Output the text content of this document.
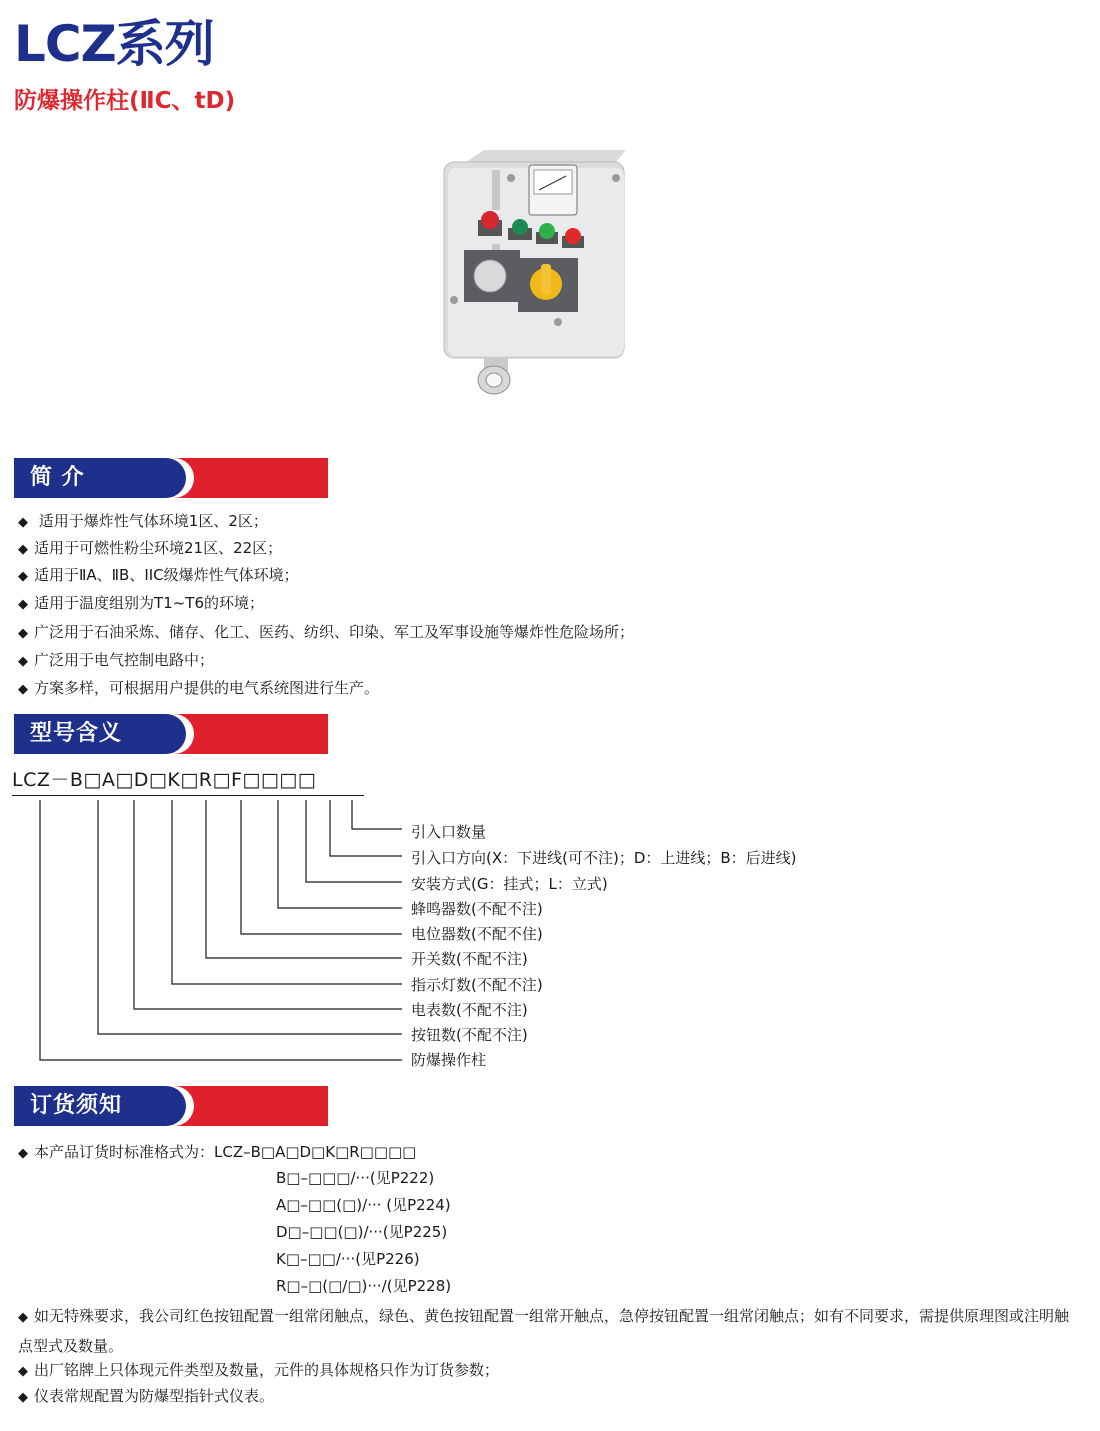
LCZ系列
防爆操作柱(ⅡC、tD)
简 介
◆ 适用于爆炸性气体环境1区、2区；
◆ 适用于可燃性粉尘环境21区、22区；
◆ 适用于ⅡA、ⅡB、IIC级爆炸性气体环境；
◆ 适用于温度组别为T1~T6的环境；
◆ 广泛用于石油采炼、储存、化工、医药、纺织、印染、军工及军事设施等爆炸性危险场所；
◆ 广泛用于电气控制电路中；
◆ 方案多样，可根据用户提供的电气系统图进行生产。
型号含义
LCZ－B□A□D□K□R□F□□□□
引入口数量
引入口方向(X：下进线(可不注)；D：上进线；B：后进线)
安装方式(G：挂式；L：立式)
蜂鸣器数(不配不注)
电位器数(不配不住)
开关数(不配不注)
指示灯数(不配不注)
电表数(不配不注)
按钮数(不配不注)
防爆操作柱
订货须知
◆ 本产品订货时标准格式为：LCZ–B□A□D□K□R□□□□
B□–□□□/···(见P222)
A□–□□(□)/··· (见P224)
D□–□□(□)/···(见P225)
K□–□□/···(见P226)
R□–□(□/□)···/(见P228)
◆ 如无特殊要求，我公司红色按钮配置一组常闭触点，绿色、黄色按钮配置一组常开触点，急停按钮配置一组常闭触点；如有不同要求，需提供原理图或注明触点型式及数量。
◆ 出厂铭牌上只体现元件类型及数量，元件的具体规格只作为订货参数；
◆ 仪表常规配置为防爆型指针式仪表。
